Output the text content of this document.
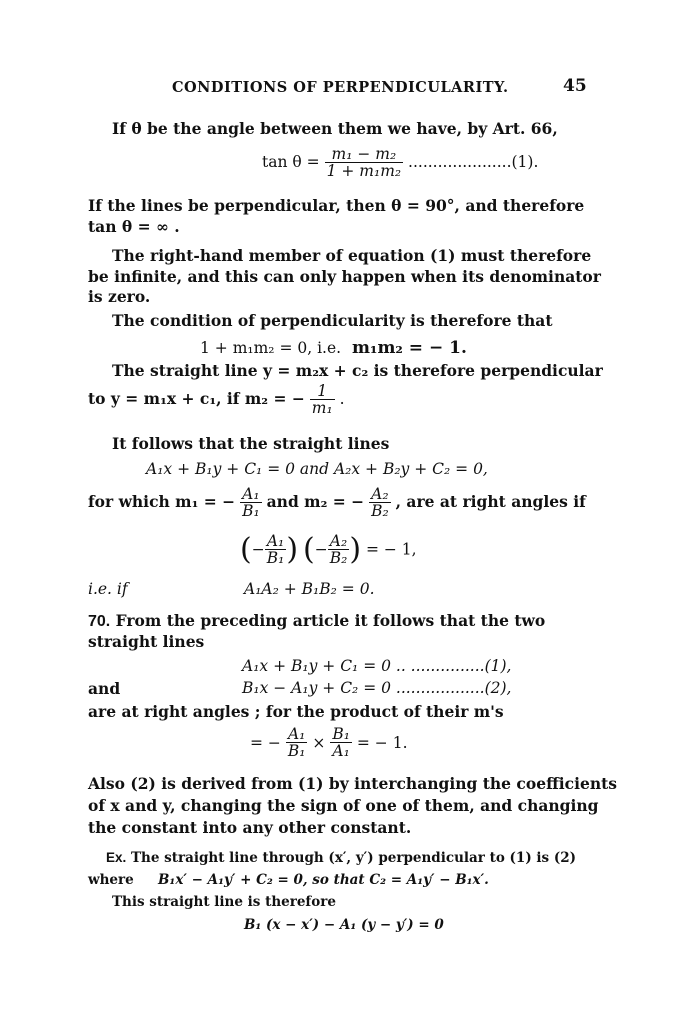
CONDITIONS OF PERPENDICULARITY.	45
If θ be the angle between them we have, by Art. 66,
$\tan \theta = \frac{\text{m₁ − m₂}}{\text{1 + m₁m₂}} .....................(1)$.
If the lines be perpendicular, then θ = 90°, and therefore
tan θ = ∞ .
The right-hand member of equation (1) must therefore
be infinite, and this can only happen when its denominator
is zero.
The condition of perpendicularity is therefore that
1 + m₁m₂ = 0, i.e. m₁m₂ = − 1.
The straight line y = m₂x + c₂ is therefore perpendicular
to y = m₁x + c₁, if m₂ = − $\frac{1}{\text{m₁}}$ .
It follows that the straight lines
A₁x + B₁y + C₁ = 0 and A₂x + B₂y + C₂ = 0,
for which m₁ = − $\frac{\text{A₁}}{\text{B₁}}$ and m₂ = − $\frac{\text{A₂}}{\text{B₂}}$ , are at right angles if
(− $\frac{\text{A₁}}{\text{B₁}}$ ) (− $\frac{\text{A₂}}{\text{B₂}}$ ) = − 1,
i.e. if	A₁A₂ + B₁B₂ = 0.
70. From the preceding article it follows that the two
straight lines
A₁x + B₁y + C₁ = 0 .. ...............(1),
and	B₁x − A₁y + C₂ = 0 ..................(2),
are at right angles ; for the product of their m's
= − $\frac{\text{A₁}}{\text{B₁}} \times \frac{\text{B₁}}{\text{A₁}}$ = − 1.
Also (2) is derived from (1) by interchanging the coefficients
of x and y, changing the sign of one of them, and changing
the constant into any other constant.
Ex. The straight line through (x′, y′) perpendicular to (1) is (2)
where B₁x′ − A₁y′ + C₂ = 0, so that C₂ = A₁y′ − B₁x′.
This straight line is therefore
B₁ (x − x′) − A₁ (y − y′) = 0
